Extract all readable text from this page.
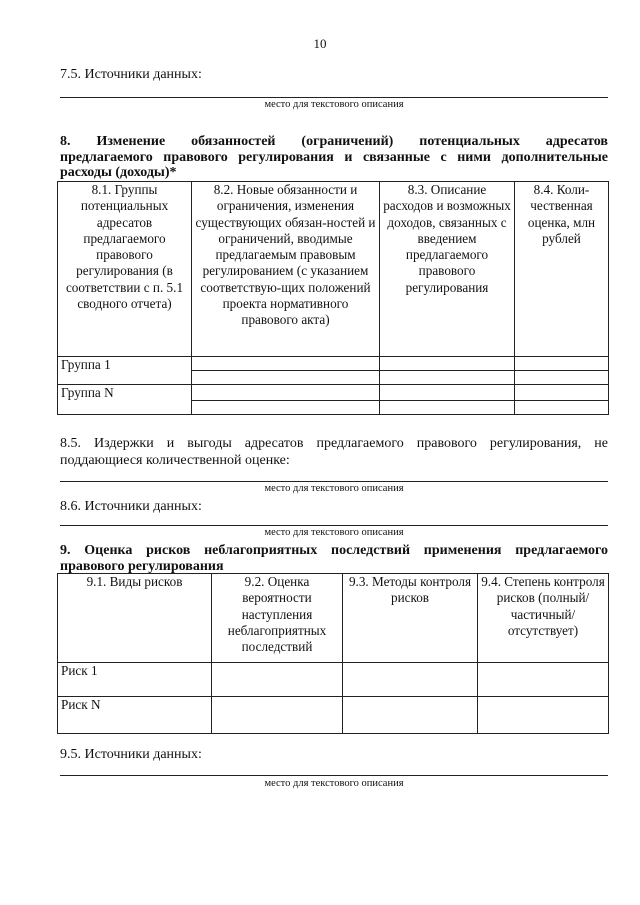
10
7.5. Источники данных:
место для текстового описания
8. Изменение обязанностей (ограничений) потенциальных адресатов
предлагаемого правового регулирования и связанные с ними дополнительные
расходы (доходы)*
8.1. Группы потенциальных адресатов предлагаемого правового регулирования (в соответствии с п. 5.1 сводного отчета)	8.2. Новые обязанности и ограничения, изменения существующих обязан-ностей и ограничений, вводимые предлагаемым правовым регулированием (с указанием соответствую-щих положений проекта нормативного правового акта)	8.3. Описание расходов и возможных доходов, связанных с введением предлагаемого правового регулирования	8.4. Коли-чественная оценка, млн рублей
Группа 1			

Группа N			

8.5. Издержки и выгоды адресатов предлагаемого правового регулирования, не
поддающиеся количественной оценке:
место для текстового описания
8.6. Источники данных:
место для текстового описания
9. Оценка рисков неблагоприятных последствий применения предлагаемого
правового регулирования
9.1. Виды рисков	9.2. Оценка вероятности наступления неблагоприятных последствий	9.3. Методы контроля рисков	9.4. Степень контроля рисков (полный/ частичный/ отсутствует)
Риск 1			
Риск N			
9.5. Источники данных:
место для текстового описания
